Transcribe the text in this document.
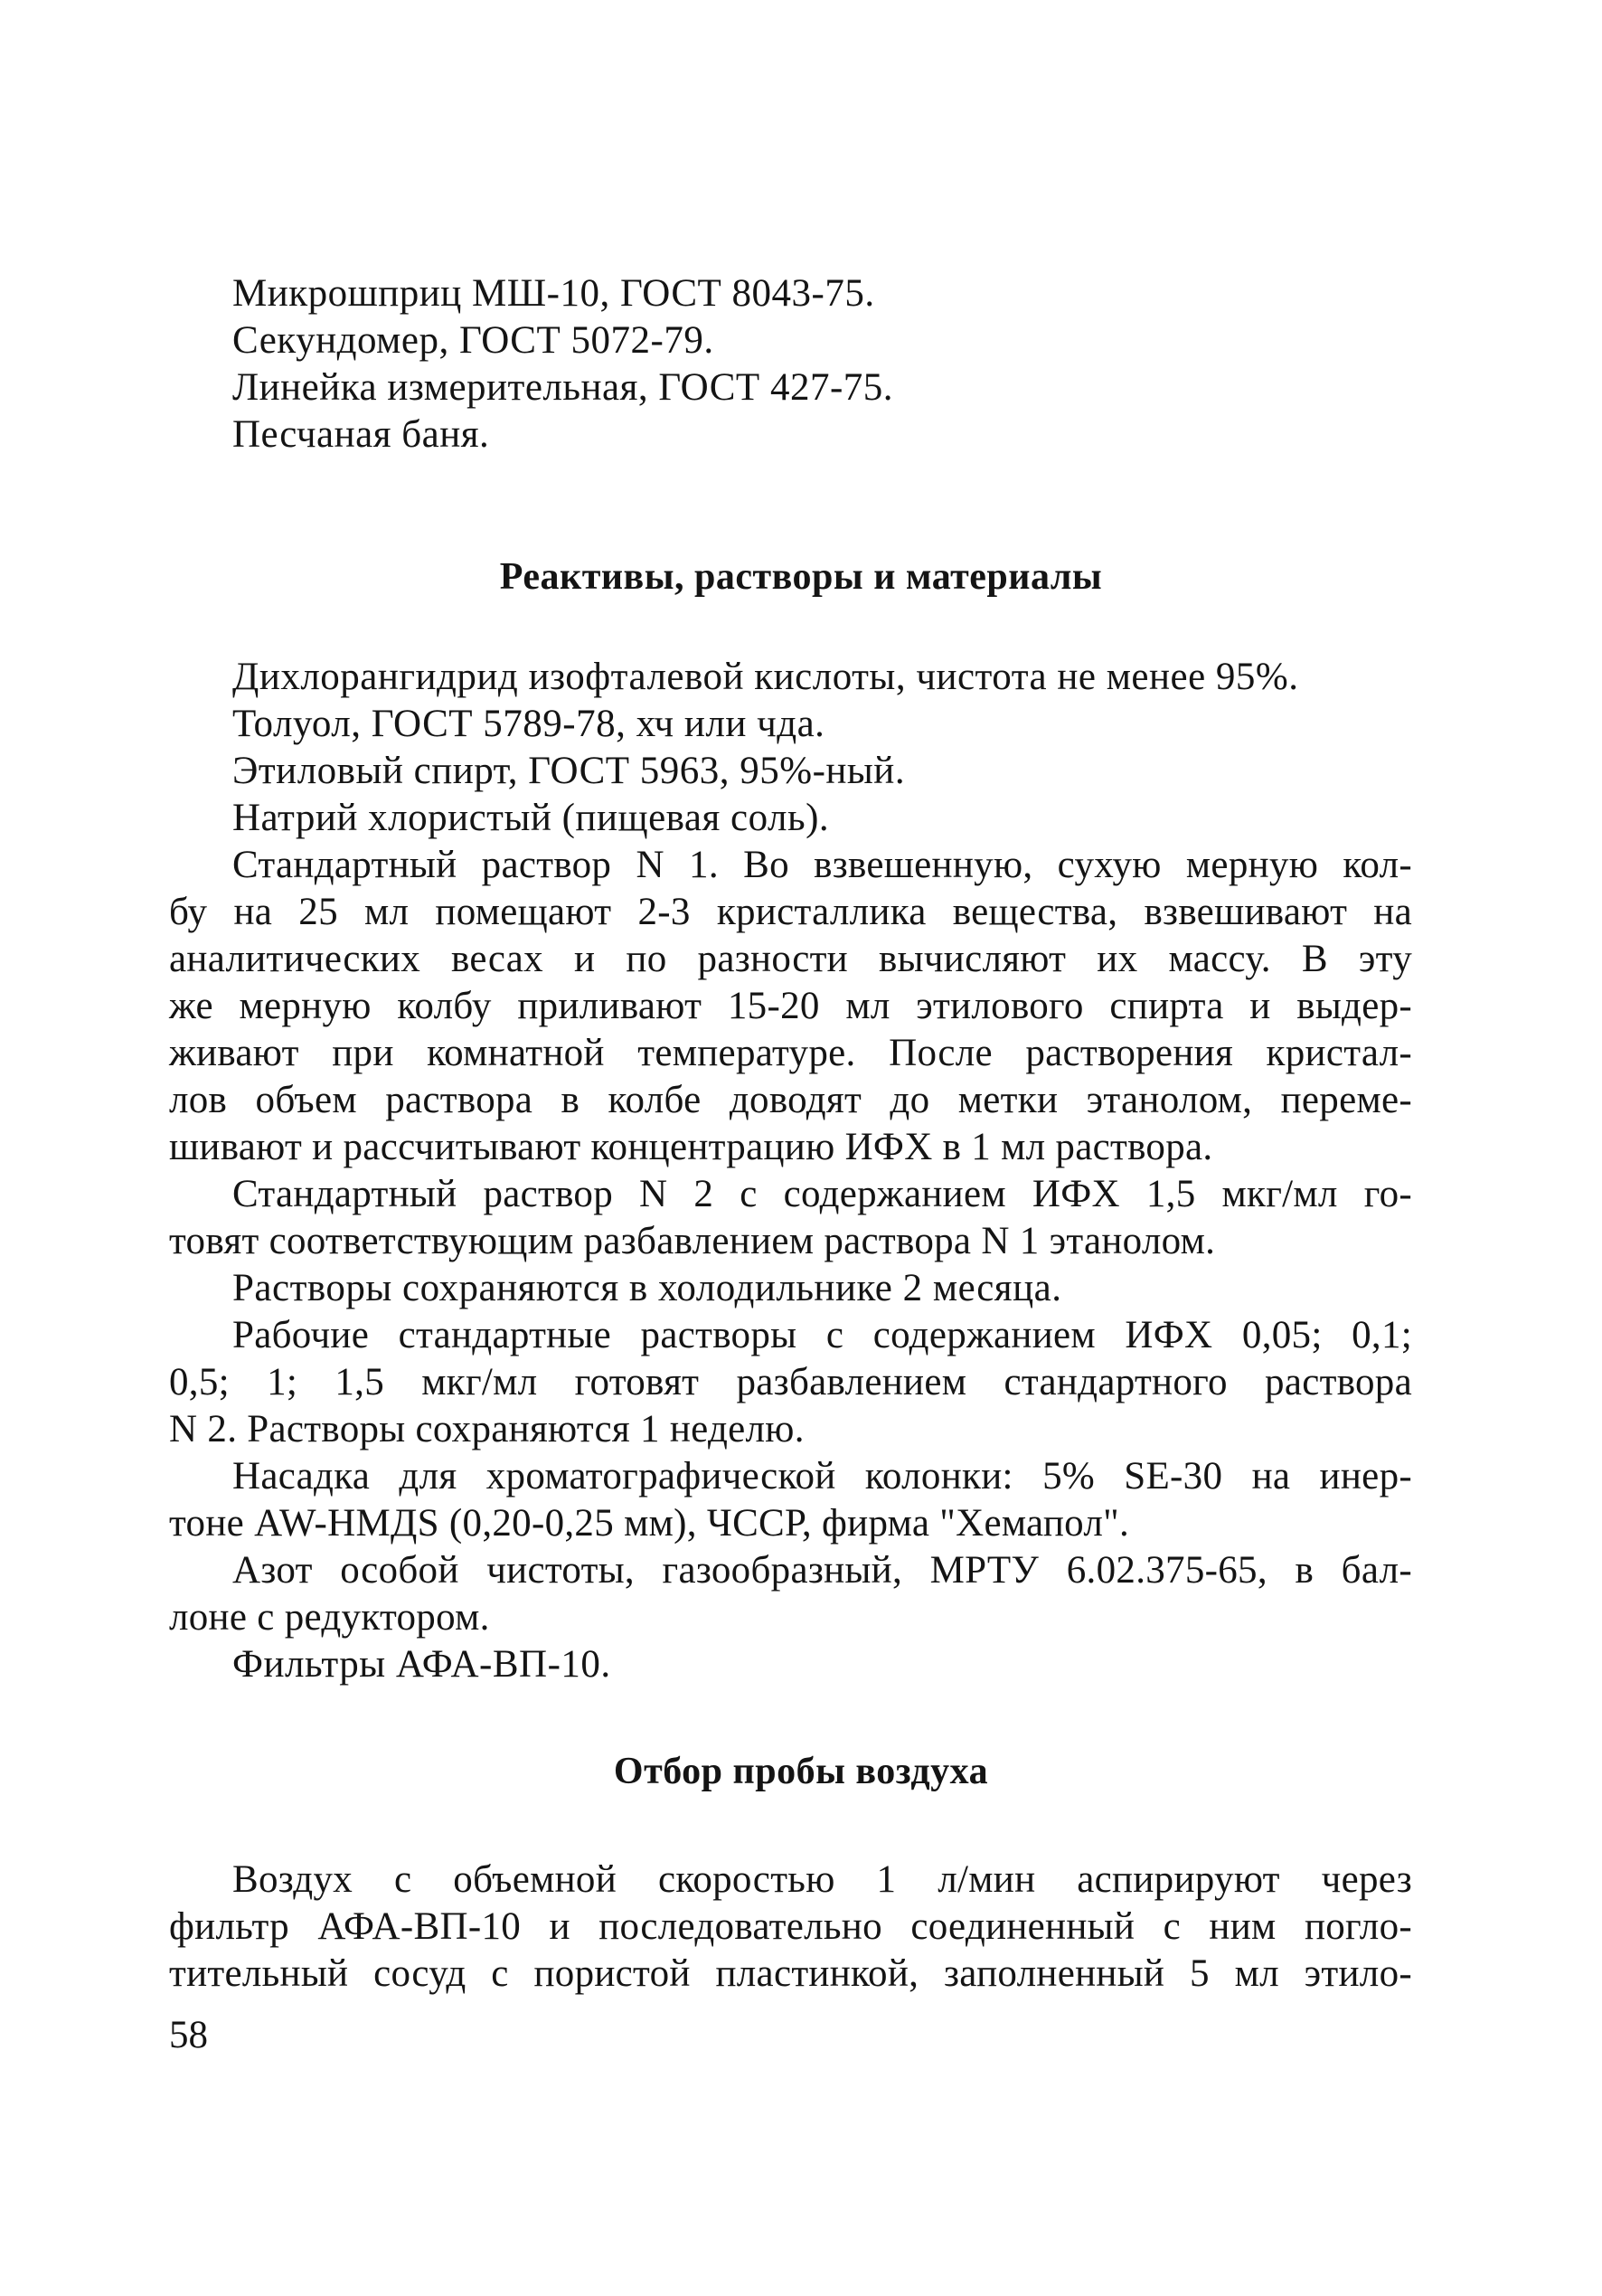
Микрошприц МШ-10, ГОСТ 8043-75.
Секундомер, ГОСТ 5072-79.
Линейка измерительная, ГОСТ 427-75.
Песчаная баня.
Реактивы, растворы и материалы
Дихлорангидрид изофталевой кислоты, чистота не менее 95%.
Толуол, ГОСТ 5789-78, хч или чда.
Этиловый спирт, ГОСТ 5963, 95%-ный.
Натрий хлористый (пищевая соль).
Стандартный раствор N 1. Во взвешенную, сухую мерную кол-
бу на 25 мл помещают 2-3 кристаллика вещества, взвешивают на
аналитических весах и по разности вычисляют их массу. В эту
же мерную колбу приливают 15-20 мл этилового спирта и выдер-
живают при комнатной температуре. После растворения кристал-
лов объем раствора в колбе доводят до метки этанолом, переме-
шивают и рассчитывают концентрацию ИФХ в 1 мл раствора.
Стандартный раствор N 2 с содержанием ИФХ 1,5 мкг/мл го-
товят соответствующим разбавлением раствора N 1 этанолом.
Растворы сохраняются в холодильнике 2 месяца.
Рабочие стандартные растворы с содержанием ИФХ 0,05; 0,1;
0,5; 1; 1,5 мкг/мл готовят разбавлением стандартного раствора
N 2. Растворы сохраняются 1 неделю.
Насадка для хроматографической колонки: 5% SE-30 на инер-
тоне AW-HMДS (0,20-0,25 мм), ЧССР, фирма "Хемапол".
Азот особой чистоты, газообразный, МРТУ 6.02.375-65, в бал-
лоне с редуктором.
Фильтры АФА-ВП-10.
Отбор пробы воздуха
Воздух с объемной скоростью 1 л/мин аспирируют через
фильтр АФА-ВП-10 и последовательно соединенный с ним погло-
тительный сосуд с пористой пластинкой, заполненный 5 мл этило-
58
